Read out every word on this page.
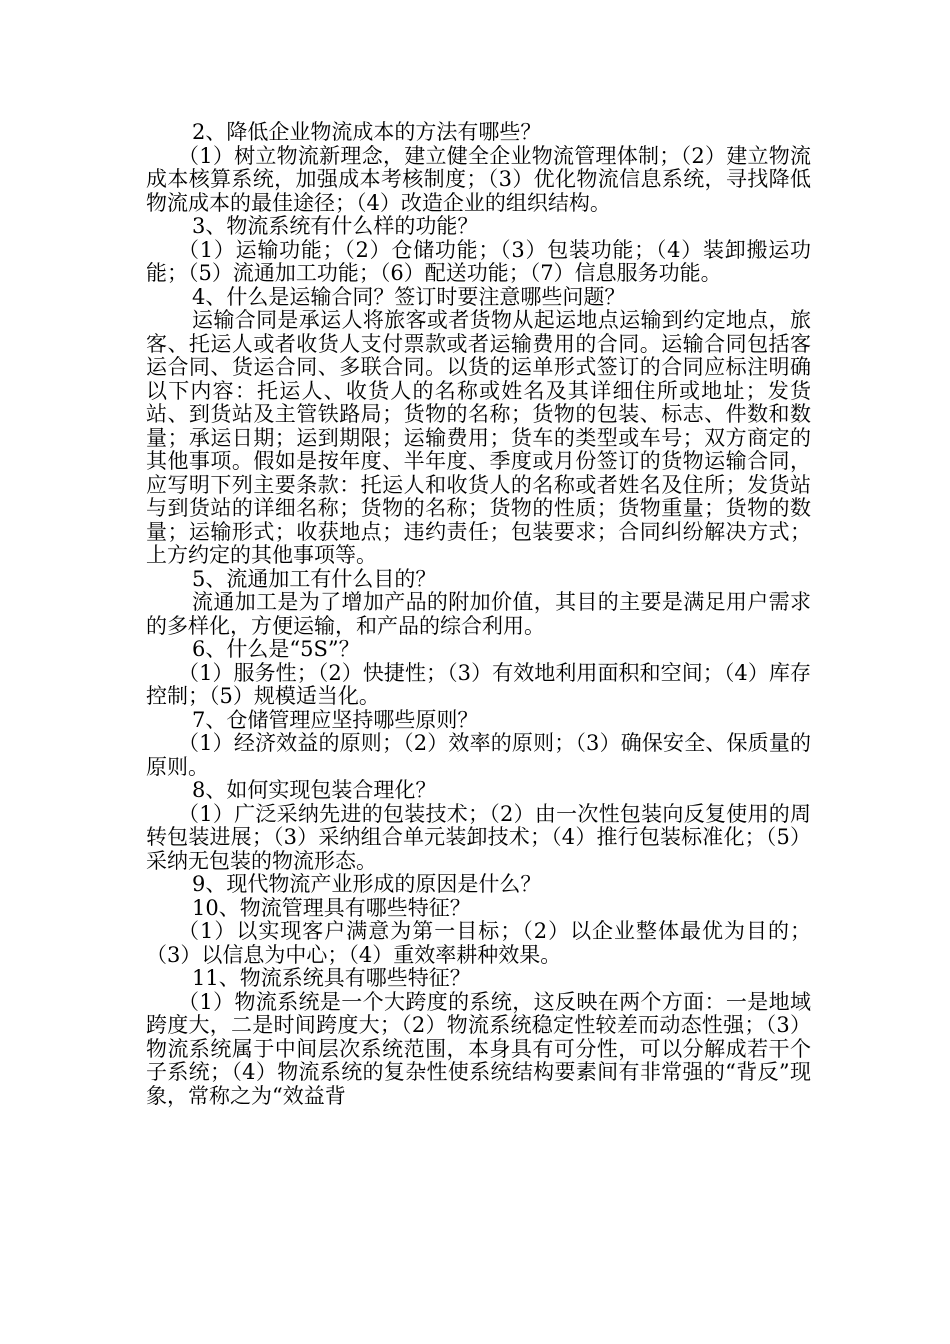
2、降低企业物流成本的方法有哪些？

（1）树立物流新理念，建立健全企业物流管理体制；（2）建立物流成本核算系统，加强成本考核制度；（3）优化物流信息系统，寻找降低物流成本的最佳途径；（4）改造企业的组织结构。

3、物流系统有什么样的功能？

（1）运输功能；（2）仓储功能；（3）包装功能；（4）装卸搬运功能；（5）流通加工功能；（6）配送功能；（7）信息服务功能。

4、什么是运输合同？签订时要注意哪些问题？

运输合同是承运人将旅客或者货物从起运地点运输到约定地点，旅客、托运人或者收货人支付票款或者运输费用的合同。运输合同包括客运合同、货运合同、多联合同。以货的运单形式签订的合同应标注明确以下内容：托运人、收货人的名称或姓名及其详细住所或地址；发货站、到货站及主管铁路局；货物的名称；货物的包装、标志、件数和数量；承运日期；运到期限；运输费用；货车的类型或车号；双方商定的其他事项。假如是按年度、半年度、季度或月份签订的货物运输合同，应写明下列主要条款：托运人和收货人的名称或者姓名及住所；发货站与到货站的详细名称；货物的名称；货物的性质；货物重量；货物的数量；运输形式；收获地点；违约责任；包装要求；合同纠纷解决方式；上方约定的其他事项等。

5、流通加工有什么目的？

流通加工是为了增加产品的附加价值，其目的主要是满足用户需求的多样化，方便运输，和产品的综合利用。

6、什么是“5S”？

（1）服务性；（2）快捷性；（3）有效地利用面积和空间；（4）库存控制；（5）规模适当化。

7、仓储管理应坚持哪些原则？

（1）经济效益的原则；（2）效率的原则；（3）确保安全、保质量的原则。

8、如何实现包装合理化？

（1）广泛采纳先进的包装技术；（2）由一次性包装向反复使用的周转包装进展；（3）采纳组合单元装卸技术；（4）推行包装标准化；（5）采纳无包装的物流形态。

9、现代物流产业形成的原因是什么？

10、物流管理具有哪些特征？

（1）以实现客户满意为第一目标；（2）以企业整体最优为目的；（3）以信息为中心；（4）重效率耕种效果。

11、物流系统具有哪些特征？

（1）物流系统是一个大跨度的系统，这反映在两个方面：一是地域跨度大，二是时间跨度大；（2）物流系统稳定性较差而动态性强；（3）物流系统属于中间层次系统范围，本身具有可分性，可以分解成若干个子系统；（4）物流系统的复杂性使系统结构要素间有非常强的“背反”现象，常称之为“效益背
